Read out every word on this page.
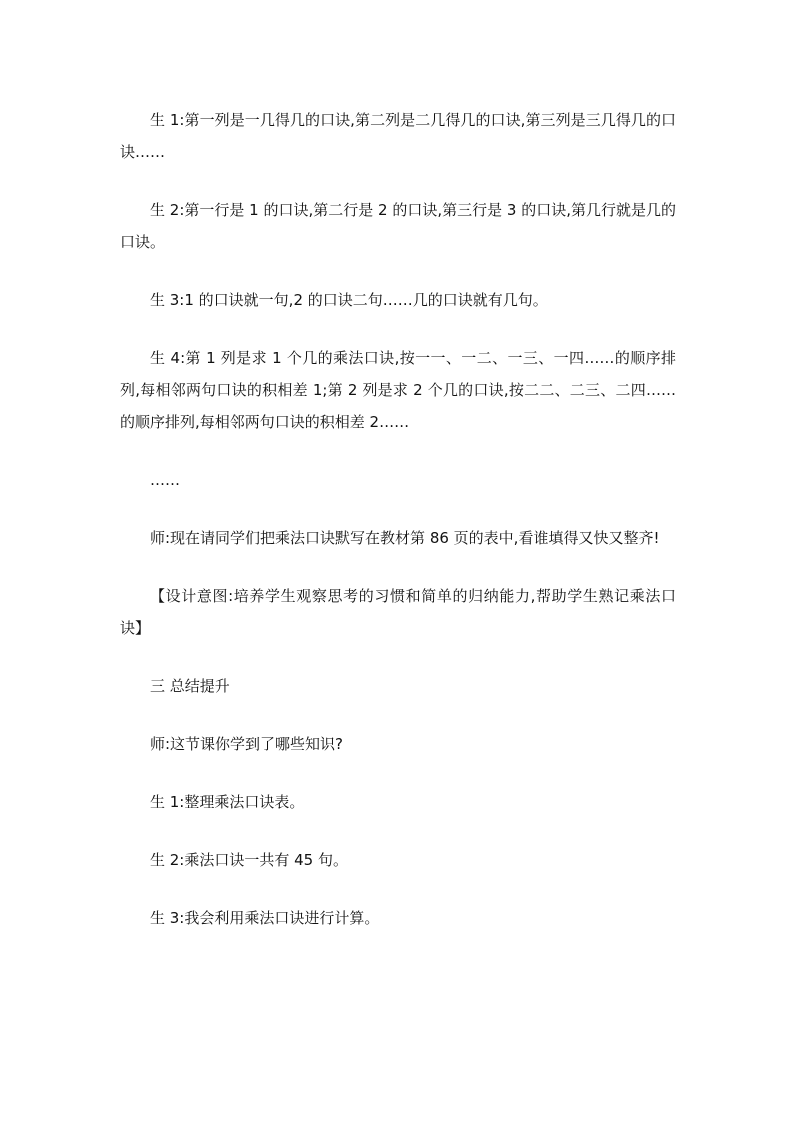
生 1:第一列是一几得几的口诀,第二列是二几得几的口诀,第三列是三几得几的口诀……

生 2:第一行是 1 的口诀,第二行是 2 的口诀,第三行是 3 的口诀,第几行就是几的口诀。

生 3:1 的口诀就一句,2 的口诀二句……几的口诀就有几句。

生 4:第 1 列是求 1 个几的乘法口诀,按一一、一二、一三、一四……的顺序排列,每相邻两句口诀的积相差 1;第 2 列是求 2 个几的口诀,按二二、二三、二四……的顺序排列,每相邻两句口诀的积相差 2……

……

师:现在请同学们把乘法口诀默写在教材第 86 页的表中,看谁填得又快又整齐!

【设计意图:培养学生观察思考的习惯和简单的归纳能力,帮助学生熟记乘法口诀】

三 总结提升

师:这节课你学到了哪些知识?

生 1:整理乘法口诀表。

生 2:乘法口诀一共有 45 句。

生 3:我会利用乘法口诀进行计算。
